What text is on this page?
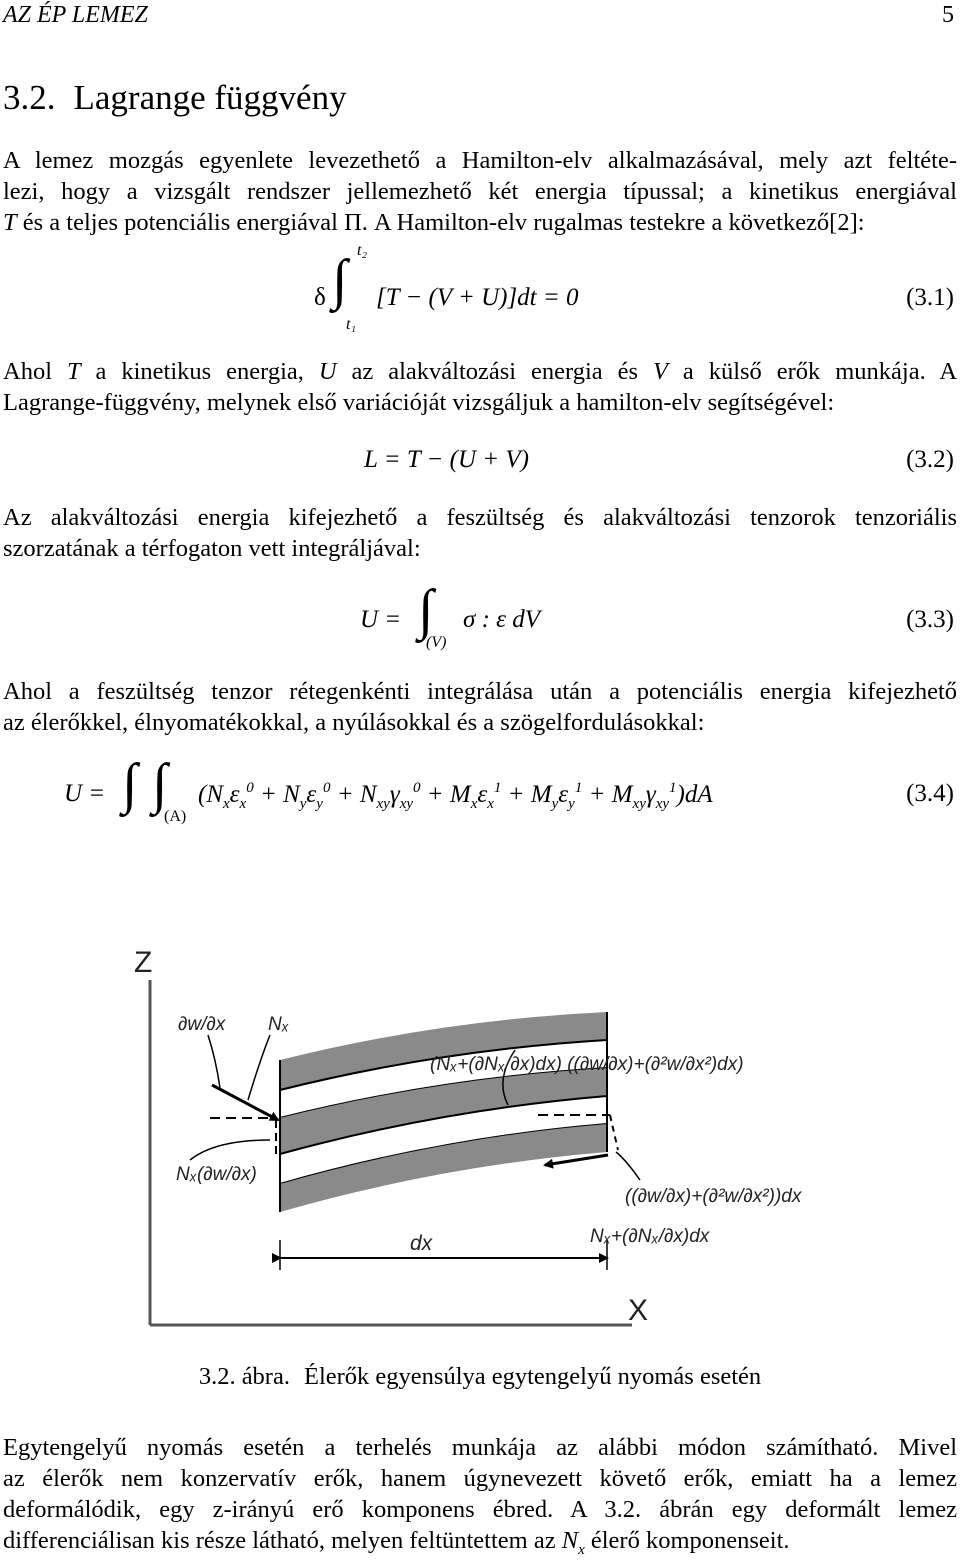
AZ ÉP LEMEZ	5
3.2. Lagrange függvény
A lemez mozgás egyenlete levezethető a Hamilton-elv alkalmazásával, mely azt feltéte-
lezi, hogy a vizsgált rendszer jellemezhető két energia típussal; a kinetikus energiával
T és a teljes potenciális energiával Π. A Hamilton-elv rugalmas testekre a következő[2]:
δ ∫ t₂
t₁
[T − (V + U)]dt = 0	(3.1)
Ahol T a kinetikus energia, U az alakváltozási energia és V a külső erők munkája. A
Lagrange-függvény, melynek első variációját vizsgáljuk a hamilton-elv segítségével:
L = T − (U + V)	(3.2)
Az alakváltozási energia kifejezhető a feszültség és alakváltozási tenzorok tenzoriális
szorzatának a térfogaton vett integráljával:
U = ∫
(V)
σ : ε dV	(3.3)
Ahol a feszültség tenzor rétegenkénti integrálása után a potenciális energia kifejezhető
az élerőkkel, élnyomatékokkal, a nyúlásokkal és a szögelfordulásokkal:
U = ∫ ∫
(A)
$(N_x\varepsilon_x^0 + N_y\varepsilon_y^0 + N_{xy}\gamma_{xy}^0 + M_x\varepsilon_x^1 + M_y\varepsilon_y^1 + M_{xy}\gamma_{xy}^1)dA$	(3.4)
Z
X
∂w/∂x Nₓ
(Nₓ+(∂Nₓ/∂x)dx) ((∂w/∂x)+(∂²w/∂x²)dx)
Nₓ(∂w/∂x)
((∂w/∂x)+(∂²w/∂x²))dx
Nₓ+(∂Nₓ/∂x)dx
dx
3.2. ábra. Élerők egyensúlya egytengelyű nyomás esetén
Egytengelyű nyomás esetén a terhelés munkája az alábbi módon számítható. Mivel
az élerők nem konzervatív erők, hanem úgynevezett követő erők, emiatt ha a lemez
deformálódik, egy z-irányú erő komponens ébred. A 3.2. ábrán egy deformált lemez
differenciálisan kis része látható, melyen feltüntettem az $N_x$ élerő komponenseit.
